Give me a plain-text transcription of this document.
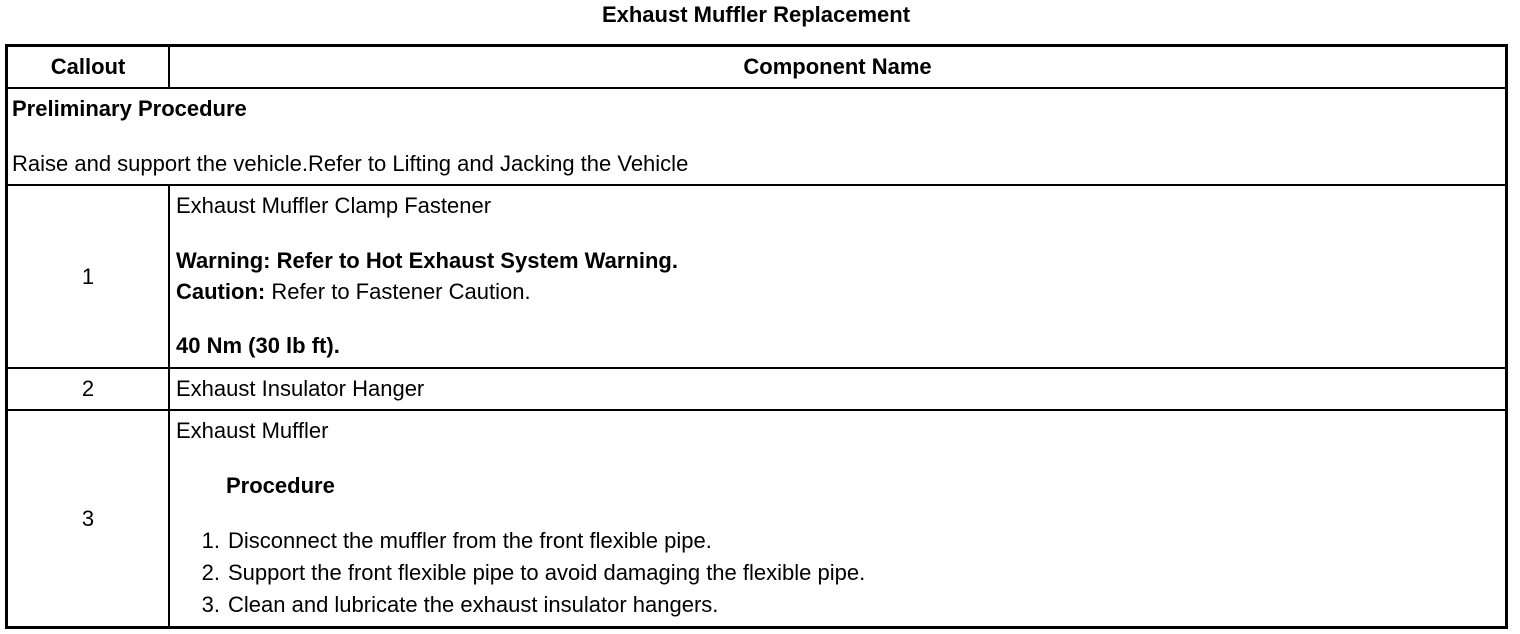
Exhaust Muffler Replacement
Callout	Component Name
Preliminary Procedure
Raise and support the vehicle.Refer to Lifting and Jacking the Vehicle
1
Exhaust Muffler Clamp Fastener
Warning: Refer to Hot Exhaust System Warning.
Caution: Refer to Fastener Caution.
40 Nm (30 lb ft).
2	Exhaust Insulator Hanger
3
Exhaust Muffler
Procedure
1. Disconnect the muffler from the front flexible pipe.
2. Support the front flexible pipe to avoid damaging the flexible pipe.
3. Clean and lubricate the exhaust insulator hangers.
